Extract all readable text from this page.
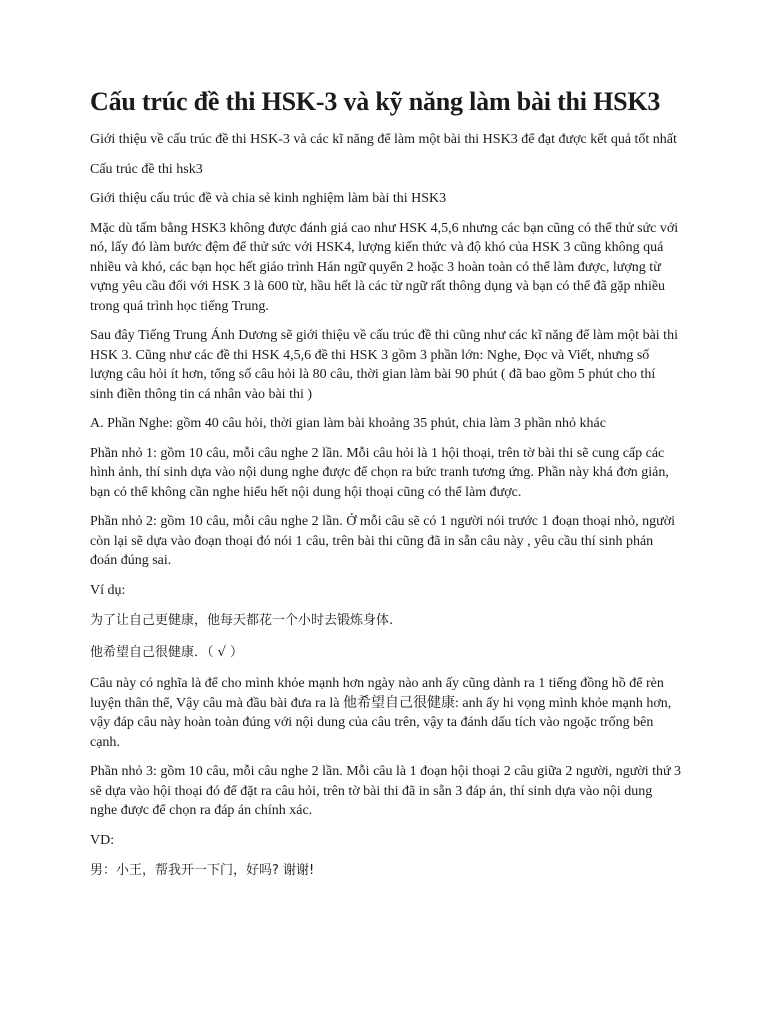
Cấu trúc đề thi HSK-3 và kỹ năng làm bài thi HSK3

Giới thiệu về cấu trúc đề thi HSK-3 và các kĩ năng để làm một bài thi HSK3 để đạt được kết quả tốt nhất

Cấu trúc đề thi hsk3

Giới thiệu cấu trúc đề và chia sẻ kinh nghiệm làm bài thi HSK3

Mặc dù tấm bằng HSK3 không được đánh giá cao như HSK 4,5,6 nhưng các bạn cũng có thể thử sức với nó, lấy đó làm bước đệm để thử sức với HSK4, lượng kiến thức và độ khó của HSK 3 cũng không quá nhiều và khó, các bạn học hết giáo trình Hán ngữ quyển 2 hoặc 3 hoàn toàn có thể làm được, lượng từ vựng yêu cầu đối với HSK 3 là 600 từ, hầu hết là các từ ngữ rất thông dụng và bạn có thể đã gặp nhiều trong quá trình học tiếng Trung.

Sau đây Tiếng Trung Ánh Dương sẽ giới thiệu về cấu trúc đề thi cũng như các kĩ năng để làm một bài thi HSK 3. Cũng như các đề thi HSK 4,5,6 đề thi HSK 3 gồm 3 phần lớn: Nghe, Đọc và Viết, nhưng số lượng câu hỏi ít hơn, tổng số câu hỏi là 80 câu, thời gian làm bài 90 phút ( đã bao gồm 5 phút cho thí sinh điền thông tin cá nhân vào bài thi )

A. Phần Nghe: gồm 40 câu hỏi, thời gian làm bài khoảng 35 phút, chia làm 3 phần nhỏ khác

Phần nhỏ 1: gồm 10 câu, mỗi câu nghe 2 lần. Mỗi câu hỏi là 1 hội thoại, trên tờ bài thi sẽ cung cấp các hình ảnh, thí sinh dựa vào nội dung nghe được để chọn ra bức tranh tương ứng. Phần này khá đơn giản, bạn có thể không cần nghe hiểu hết nội dung hội thoại cũng có thể làm được.

Phần nhỏ 2: gồm 10 câu, mỗi câu nghe 2 lần. Ở mỗi câu sẽ có 1 người nói trước 1 đoạn thoại nhỏ, người còn lại sẽ dựa vào đoạn thoại đó nói 1 câu, trên bài thi cũng đã in sẵn câu này , yêu cầu thí sinh phán đoán đúng sai.

Ví dụ:

为了让自己更健康，他每天都花一个小时去锻炼身体.

他希望自己很健康．（ √ ）

Câu này có nghĩa là để cho mình khỏe mạnh hơn ngày nào anh ấy cũng dành ra 1 tiếng đồng hồ để rèn luyện thân thể, Vậy câu mà đầu bài đưa ra là 他希望自己很健康: anh ấy hi vọng mình khỏe mạnh hơn, vậy đáp câu này hoàn toàn đúng với nội dung của câu trên, vậy ta đánh dấu tích vào ngoặc trống bên cạnh.

Phần nhỏ 3: gồm 10 câu, mỗi câu nghe 2 lần. Mỗi câu là 1 đoạn hội thoại 2 câu giữa 2 người, người thứ 3 sẽ dựa vào hội thoại đó để đặt ra câu hỏi, trên tờ bài thi đã in sẵn 3 đáp án, thí sinh dựa vào nội dung nghe được để chọn ra đáp án chính xác.

VD:

男：小王，帮我开一下门，好吗? 谢谢!
